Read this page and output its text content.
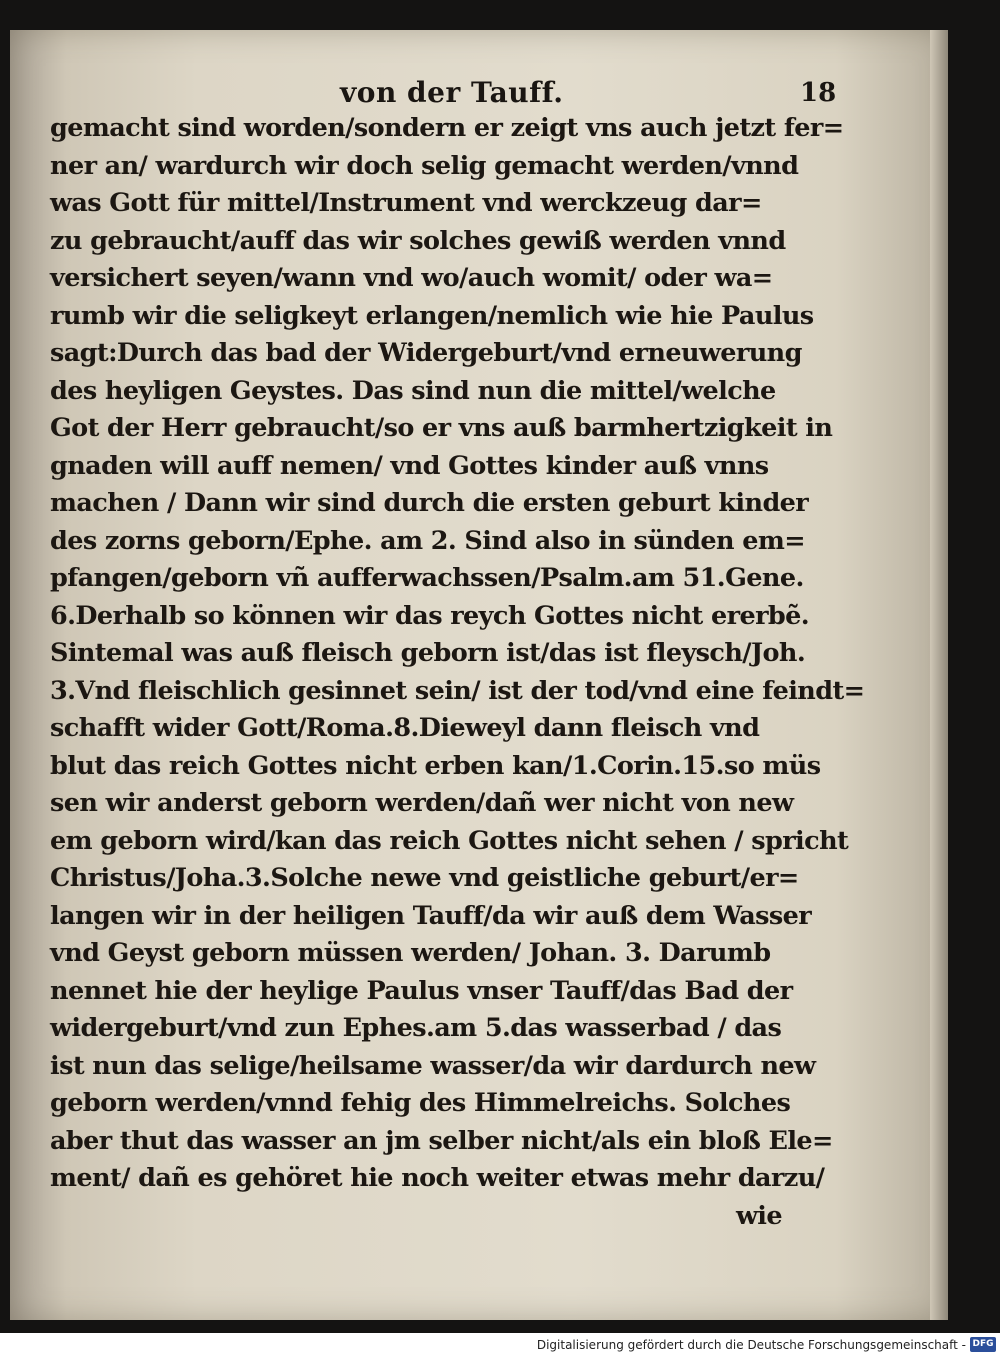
von der Tauff.	18
gemacht sind worden/sondern er zeigt vns auch jetzt fer=
ner an/ wardurch wir doch selig gemacht werden/vnnd
was Gott für mittel/Instrument vnd werckzeug dar=
zu gebraucht/auff das wir solches gewiß werden vnnd
versichert seyen/wann vnd wo/auch womit/ oder wa=
rumb wir die seligkeyt erlangen/nemlich wie hie Paulus
sagt:Durch das bad der Widergeburt/vnd erneuwerung
des heyligen Geystes. Das sind nun die mittel/welche
Got der Herr gebraucht/so er vns auß barmhertzigkeit in
gnaden will auff nemen/ vnd Gottes kinder auß vnns
machen / Dann wir sind durch die ersten geburt kinder
des zorns geborn/Ephe. am 2. Sind also in sünden em=
pfangen/geborn vñ aufferwachssen/Psalm.am 51.Gene.
6.Derhalb so können wir das reych Gottes nicht ererbẽ.
Sintemal was auß fleisch geborn ist/das ist fleysch/Joh.
3.Vnd fleischlich gesinnet sein/ ist der tod/vnd eine feindt=
schafft wider Gott/Roma.8.Dieweyl dann fleisch vnd
blut das reich Gottes nicht erben kan/1.Corin.15.so müs
sen wir anderst geborn werden/dañ wer nicht von new
em geborn wird/kan das reich Gottes nicht sehen / spricht
Christus/Joha.3.Solche newe vnd geistliche geburt/er=
langen wir in der heiligen Tauff/da wir auß dem Wasser
vnd Geyst geborn müssen werden/ Johan. 3. Darumb
nennet hie der heylige Paulus vnser Tauff/das Bad der
widergeburt/vnd zun Ephes.am 5.das wasserbad / das
ist nun das selige/heilsame wasser/da wir dardurch new
geborn werden/vnnd fehig des Himmelreichs. Solches
aber thut das wasser an jm selber nicht/als ein bloß Ele=
ment/ dañ es gehöret hie noch weiter etwas mehr darzu/
wie
Digitalisierung gefördert durch die Deutsche Forschungsgemeinschaft - DFG
